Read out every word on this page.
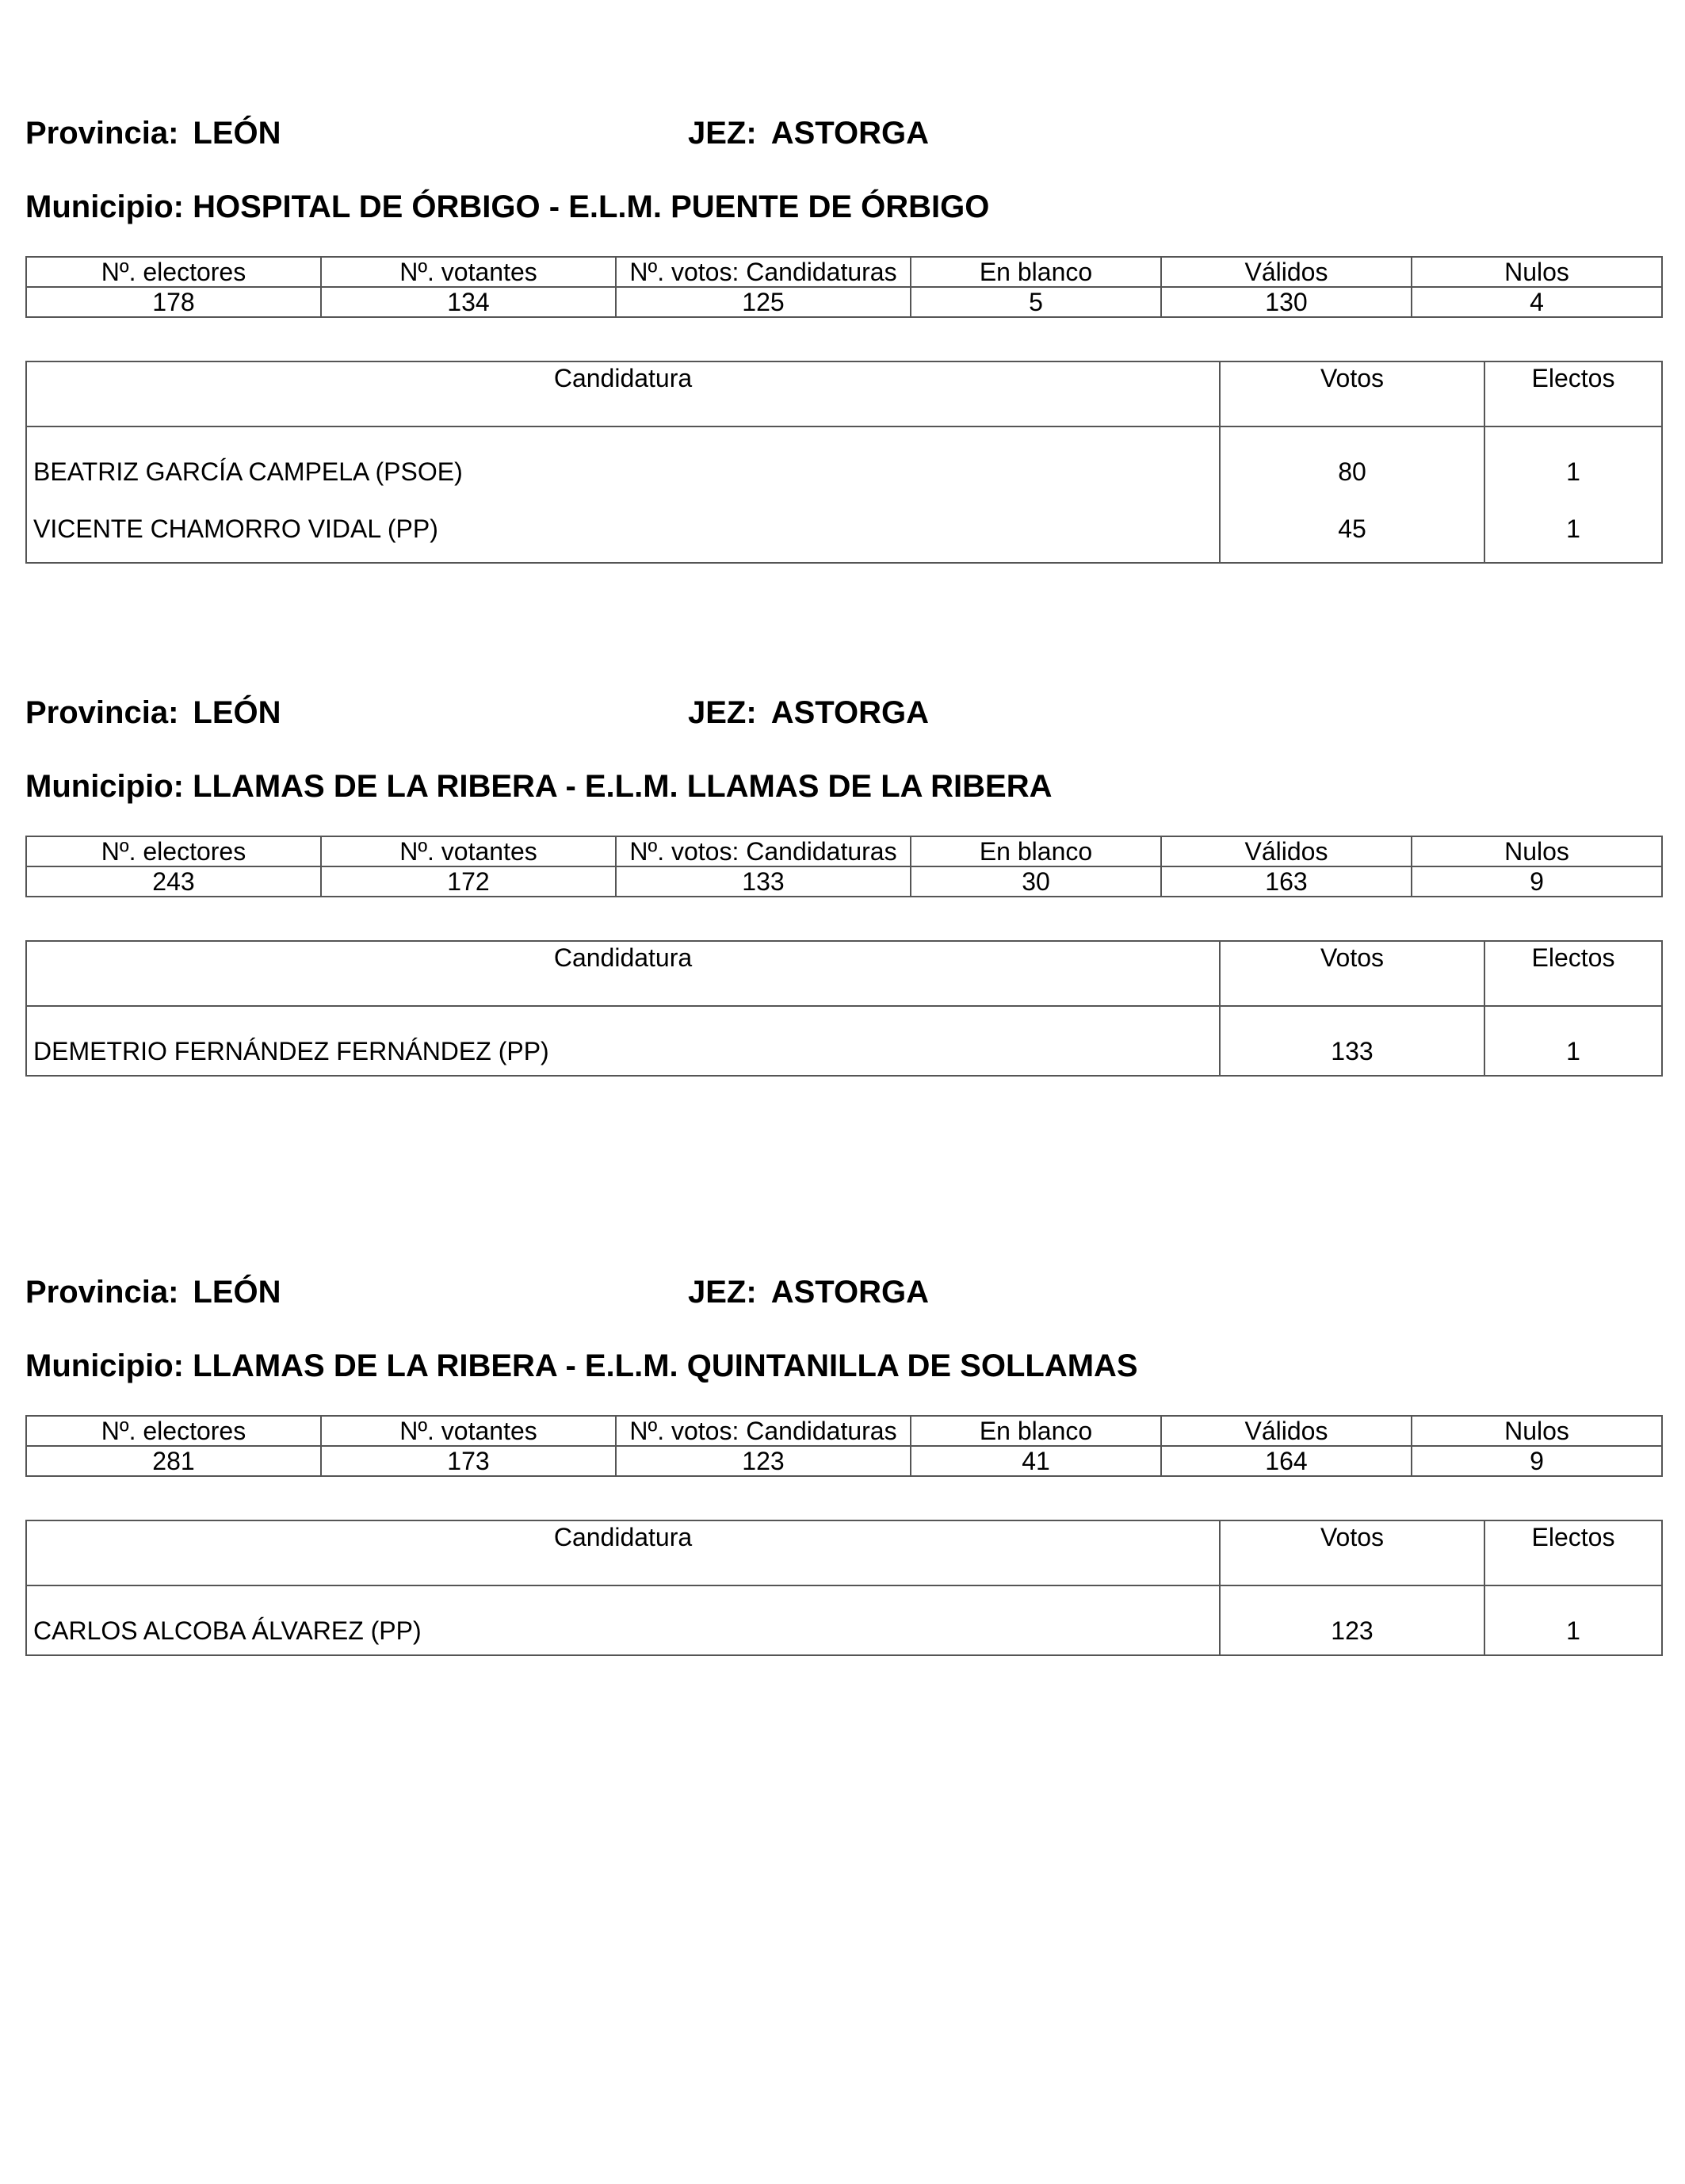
Provincia: LEÓN	JEZ: ASTORGA
Municipio: HOSPITAL DE ÓRBIGO - E.L.M. PUENTE DE ÓRBIGO
Nº. electores	Nº. votantes	Nº. votos: Candidaturas	En blanco	Válidos	Nulos
178	134	125	5	130	4
Candidatura	Votos	Electos
BEATRIZ GARCÍA CAMPELA (PSOE)	80	1
VICENTE CHAMORRO VIDAL (PP)	45	1
Provincia: LEÓN	JEZ: ASTORGA
Municipio: LLAMAS DE LA RIBERA - E.L.M. LLAMAS DE LA RIBERA
Nº. electores	Nº. votantes	Nº. votos: Candidaturas	En blanco	Válidos	Nulos
243	172	133	30	163	9
Candidatura	Votos	Electos
DEMETRIO FERNÁNDEZ FERNÁNDEZ (PP)	133	1
Provincia: LEÓN	JEZ: ASTORGA
Municipio: LLAMAS DE LA RIBERA - E.L.M. QUINTANILLA DE SOLLAMAS
Nº. electores	Nº. votantes	Nº. votos: Candidaturas	En blanco	Válidos	Nulos
281	173	123	41	164	9
Candidatura	Votos	Electos
CARLOS ALCOBA ÁLVAREZ (PP)	123	1
